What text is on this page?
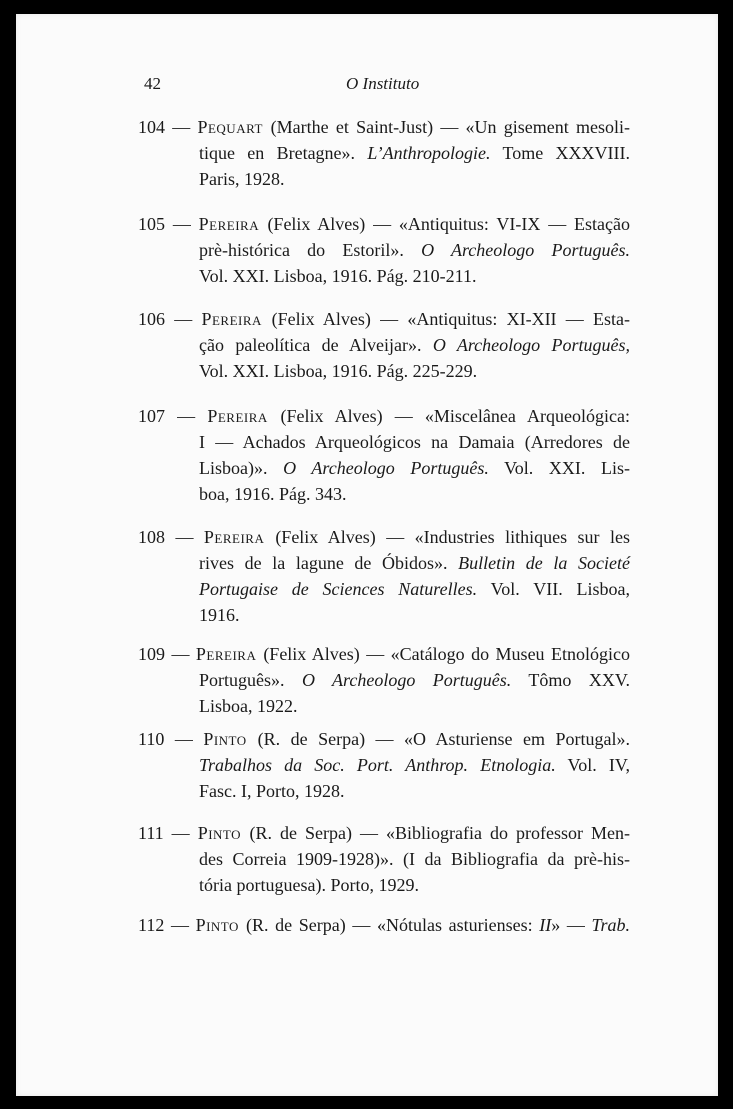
42	O Instituto
104 — Pequart (Marthe et Saint-Just) — «Un gisement mesoli-
tique en Bretagne». L’Anthropologie. Tome XXXVIII.
Paris, 1928.
105 — Pereira (Felix Alves) — «Antiquitus: VI-IX — Estação
prè-histórica do Estoril». O Archeologo Português.
Vol. XXI. Lisboa, 1916. Pág. 210-211.
106 — Pereira (Felix Alves) — «Antiquitus: XI-XII — Esta-
ção paleolítica de Alveijar». O Archeologo Português,
Vol. XXI. Lisboa, 1916. Pág. 225-229.
107 — Pereira (Felix Alves) — «Miscelânea Arqueológica:
I — Achados Arqueológicos na Damaia (Arredores de
Lisboa)». O Archeologo Português. Vol. XXI. Lis-
boa, 1916. Pág. 343.
108 — Pereira (Felix Alves) — «Industries lithiques sur les
rives de la lagune de Óbidos». Bulletin de la Societé
Portugaise de Sciences Naturelles. Vol. VII. Lisboa,
1916.
109 — Pereira (Felix Alves) — «Catálogo do Museu Etnológico
Português». O Archeologo Português. Tômo XXV.
Lisboa, 1922.
110 — Pinto (R. de Serpa) — «O Asturiense em Portugal».
Trabalhos da Soc. Port. Anthrop. Etnologia. Vol. IV,
Fasc. I, Porto, 1928.
111 — Pinto (R. de Serpa) — «Bibliografia do professor Men-
des Correia 1909-1928)». (I da Bibliografia da prè-his-
tória portuguesa). Porto, 1929.
112 — Pinto (R. de Serpa) — «Nótulas asturienses: II» — Trab.
